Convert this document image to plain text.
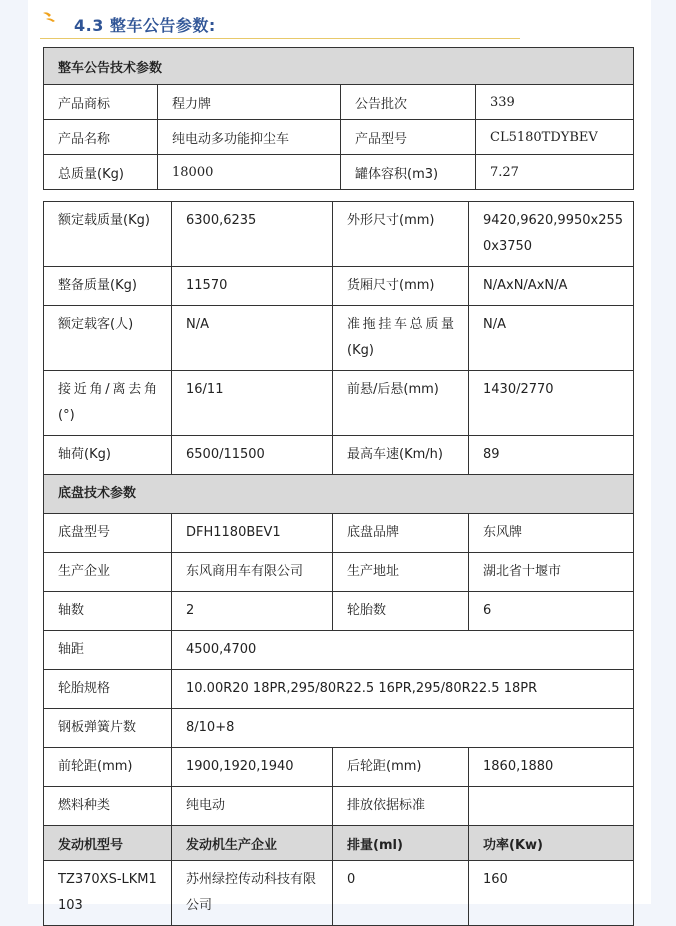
4.3 整车公告参数:
整车公告技术参数			
产品商标	程力牌	公告批次	339
产品名称	纯电动多功能抑尘车	产品型号	CL5180TDYBEV
总质量(Kg)	18000	罐体容积(m3)	7.27
额定载质量(Kg)	6300,6235	外形尺寸(mm)	9420,9620,9950x2550x3750
整备质量(Kg)	11570	货厢尺寸(mm)	N/AxN/AxN/A
额定载客(人)	N/A	准拖挂车总质量(Kg)	N/A
接近角/离去角(°)	16/11	前悬/后悬(mm)	1430/2770
轴荷(Kg)	6500/11500	最高车速(Km/h)	89
底盘技术参数			
底盘型号	DFH1180BEV1	底盘品牌	东风牌
生产企业	东风商用车有限公司	生产地址	湖北省十堰市
轴数	2	轮胎数	6
轴距	4500,4700		
轮胎规格	10.00R20 18PR,295/80R22.5 16PR,295/80R22.5 18PR		
钢板弹簧片数	8/10+8		
前轮距(mm)	1900,1920,1940	后轮距(mm)	1860,1880
燃料种类	纯电动	排放依据标准	
发动机型号	发动机生产企业	排量(ml)	功率(Kw)
TZ370XS-LKM1103	苏州绿控传动科技有限公司	0	160
